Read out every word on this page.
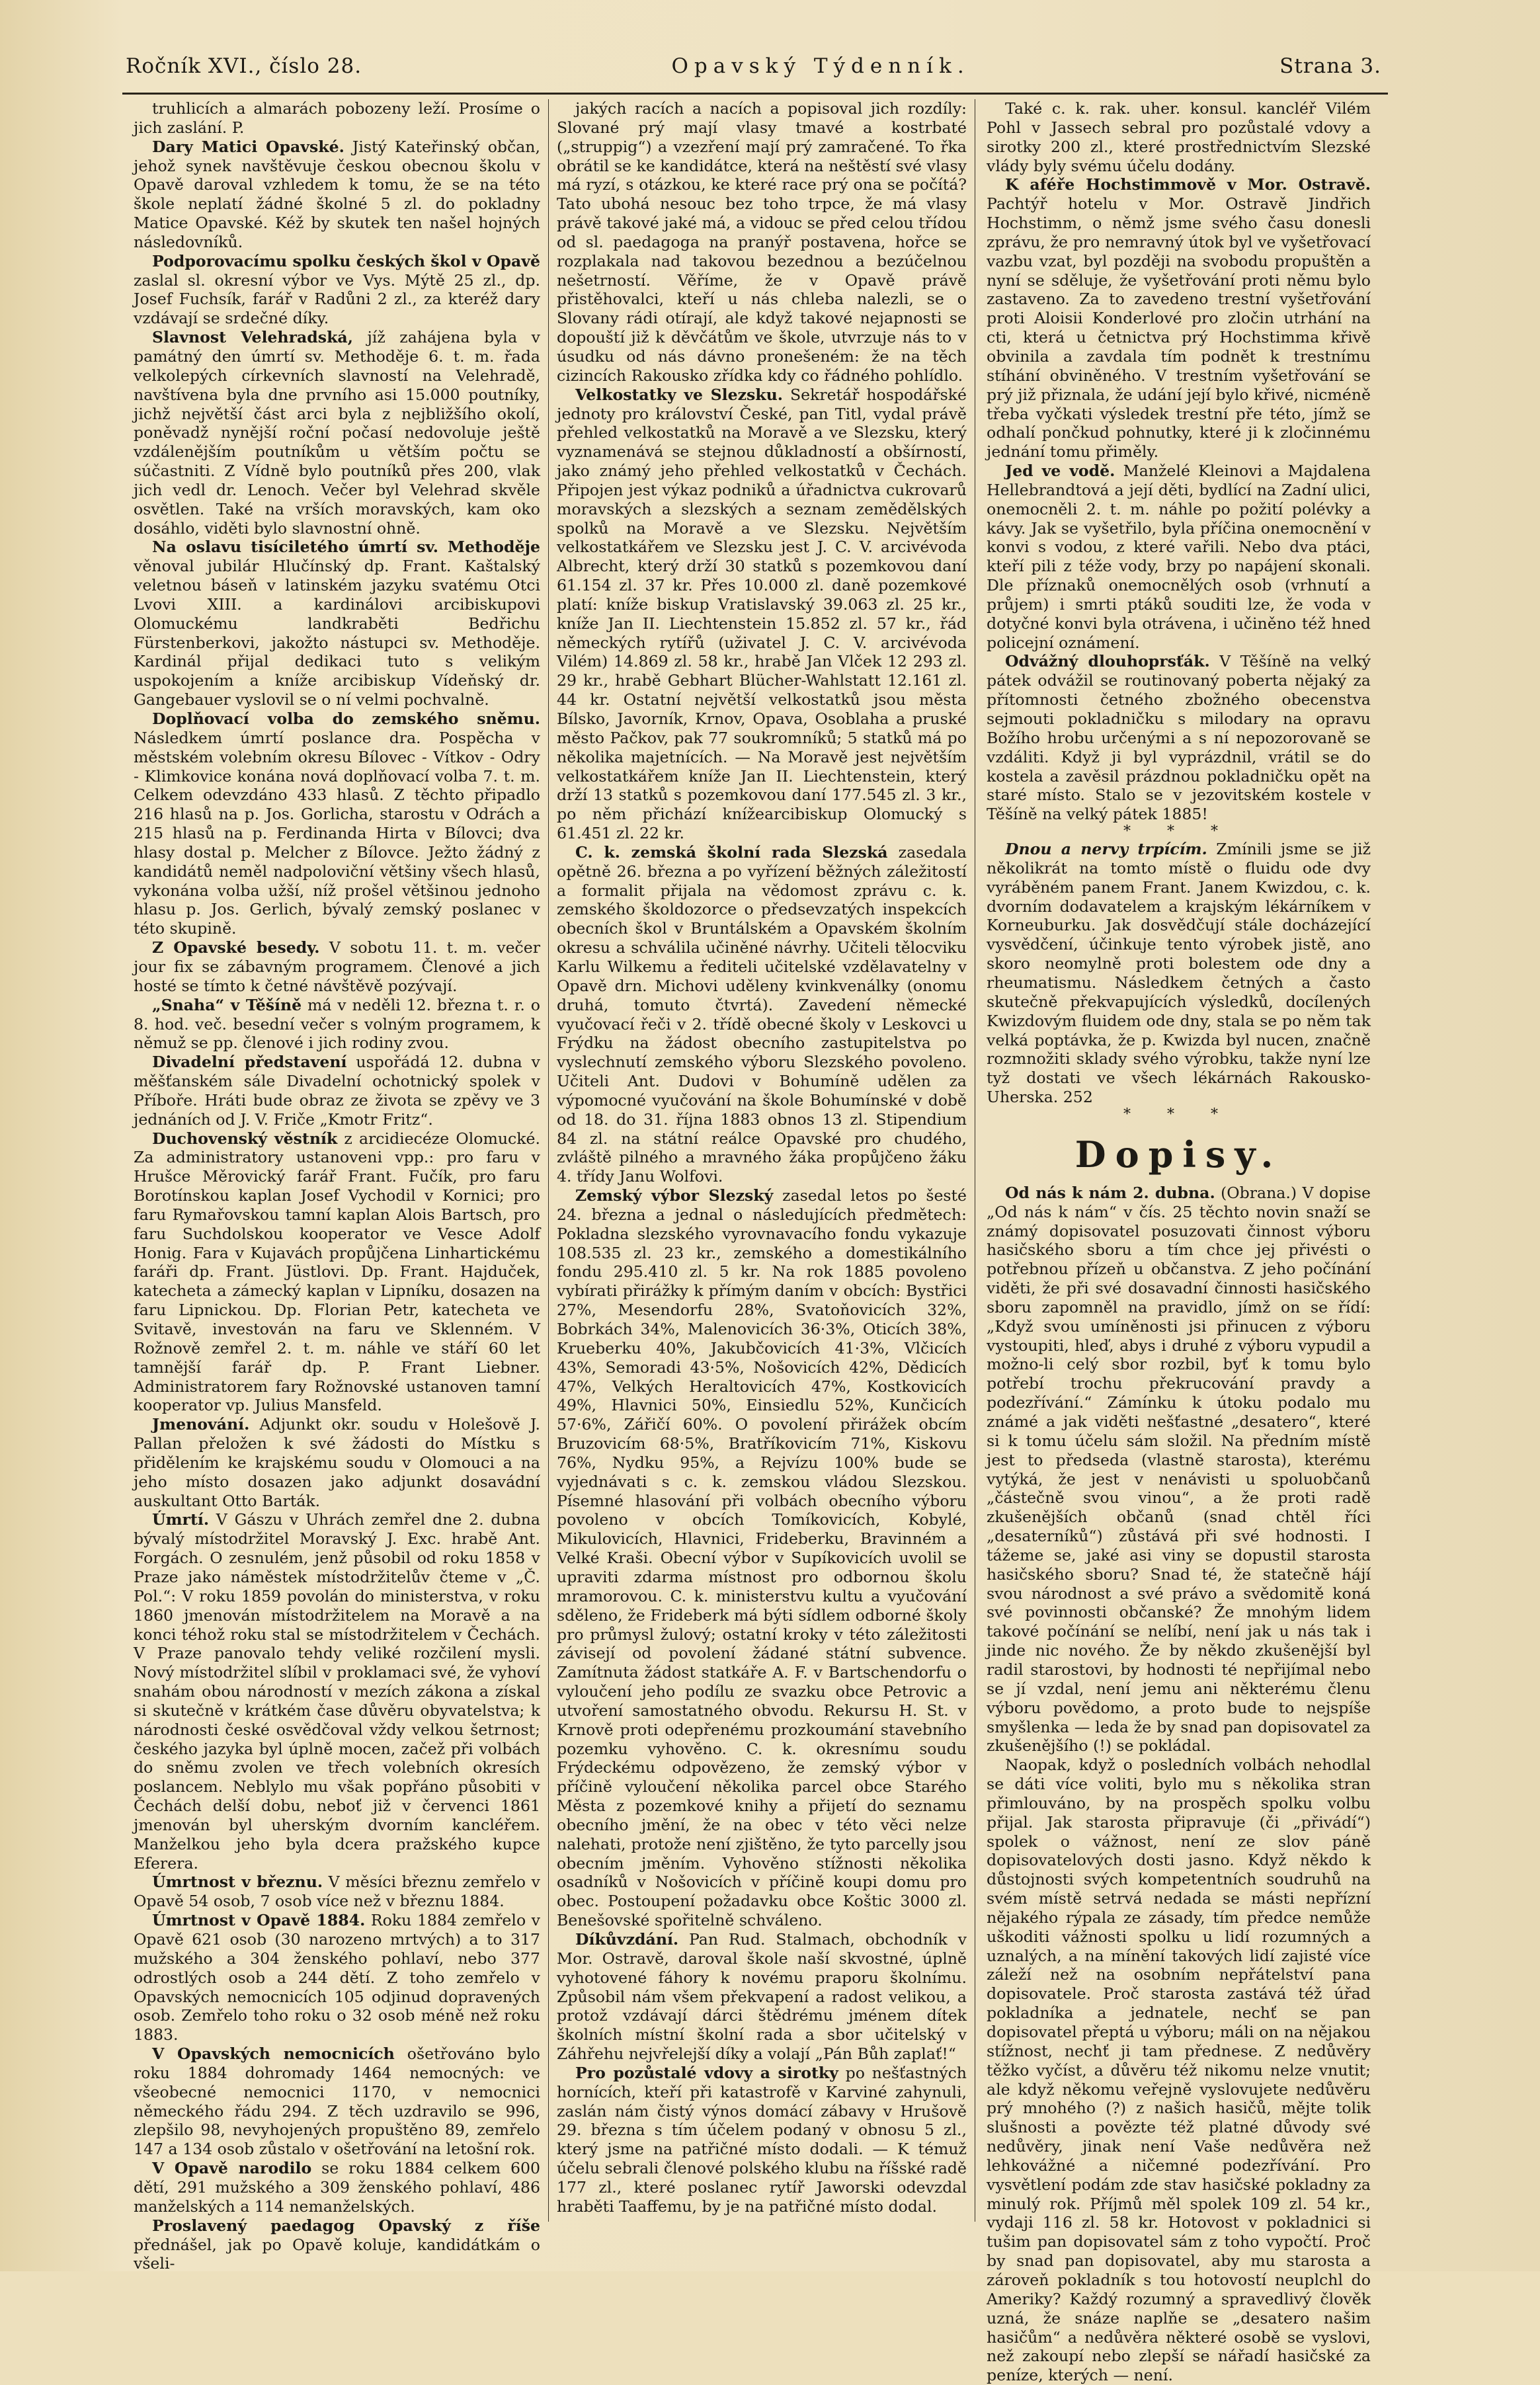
Ročník XVI., číslo 28.	Opavský Týdenník.	Strana 3.

truhlicích a almarách pobozeny leží. Prosíme o jich zaslání. P.

Dary Matici Opavské. Jistý Kateřinský občan, jehož synek navštěvuje českou obecnou školu v Opavě daroval vzhledem k tomu, že se na této škole neplatí žádné školné 5 zl. do pokladny Matice Opavské. Kéž by skutek ten našel hojných následovníků.

Podporovacímu spolku českých škol v Opavě zaslal sl. okresní výbor ve Vys. Mýtě 25 zl., dp. Josef Fuchsík, farář v Radůni 2 zl., za kteréž dary vzdávají se srdečné díky.

Slavnost Velehradská, jíž zahájena byla v památný den úmrtí sv. Methoděje 6. t. m. řada velkolepých církevních slavností na Velehradě, navštívena byla dne prvního asi 15.000 poutníky, jichž největší část arci byla z nejbližšího okolí, poněvadž nynější roční počasí nedovoluje ještě vzdálenějším poutníkům u větším počtu se súčastniti. Z Vídně bylo poutníků přes 200, vlak jich vedl dr. Lenoch. Večer byl Velehrad skvěle osvětlen. Také na vrších moravských, kam oko dosáhlo, viděti bylo slavnostní ohně.

Na oslavu tisíciletého úmrtí sv. Methoděje věnoval jubilár Hlučínský dp. Frant. Kaštalský veletnou báseň v latinském jazyku svatému Otci Lvovi XIII. a kardinálovi arcibiskupovi Olomuckému landkraběti Bedřichu Fürstenberkovi, jakožto nástupci sv. Methoděje. Kardinál přijal dedikaci tuto s velikým uspokojením a kníže arcibiskup Vídeňský dr. Gangebauer vyslovil se o ní velmi pochvalně.

Doplňovací volba do zemského sněmu. Následkem úmrtí poslance drа. Pospěcha v městském volebním okresu Bílovec - Vítkov - Odry - Klimkovice konána nová doplňovací volba 7. t. m. Celkem odevzdáno 433 hlasů. Z těchto připadlo 216 hlasů na p. Jos. Gorlicha, starostu v Odrách a 215 hlasů na p. Ferdinanda Hirta v Bílovci; dva hlasy dostal p. Melcher z Bílovce. Ježto žádný z kandidátů neměl nadpoloviční většiny všech hlasů, vykonána volba užší, níž prošel většinou jednoho hlasu p. Jos. Gerlich, bývalý zemský poslanec v této skupině.

Z Opavské besedy. V sobotu 11. t. m. večer jour fix se zábavným programem. Členové a jich hosté se tímto k četné návštěvě pozývají.

„Snaha“ v Těšíně má v neděli 12. března t. r. o 8. hod. več. besední večer s volným programem, k němuž se pp. členové i jich rodiny zvou.

Divadelní představení uspořádá 12. dubna v měšťanském sále Divadelní ochotnický spolek v Příboře. Hráti bude obraz ze života se zpěvy ve 3 jednáních od J. V. Friče „Kmotr Fritz“.

Duchovenský věstník z arcidiecéze Olomucké. Za administratory ustanoveni vpp.: pro faru v Hrušce Měrovický farář Frant. Fučík, pro faru Borotínskou kaplan Josef Vychodil v Kornici; pro faru Rymařovskou tamní kaplan Alois Bartsch, pro faru Suchdolskou kooperator ve Vesce Adolf Honig. Fara v Kujavách propůjčena Linhartickému faráři dp. Frant. Jüstlovi. Dp. Frant. Hajduček, katecheta a zámecký kaplan v Lipníku, dosazen na faru Lipnickou. Dp. Florian Petr, katecheta ve Svitavě, investován na faru ve Sklenném. V Rožnově zemřel 2. t. m. náhle ve stáří 60 let tamnější farář dp. P. Frant Liebner. Administratorem fary Rožnovské ustanoven tamní kooperator vp. Julius Mansfeld.

Jmenování. Adjunkt okr. soudu v Holešově J. Pallan přeložen k své žádosti do Místku s přidělením ke krajskému soudu v Olomouci a na jeho místo dosazen jako adjunkt dosavádní auskultant Otto Barták.

Úmrtí. V Gászu v Uhrách zemřel dne 2. dubna bývalý místodržitel Moravský J. Exc. hrabě Ant. Forgách. O zesnulém, jenž působil od roku 1858 v Praze jako náměstek místodržitelův čteme v „Č. Pol.“: V roku 1859 povolán do ministerstva, v roku 1860 jmenován místodržitelem na Moravě a na konci téhož roku stal se místodržitelem v Čechách. V Praze panovalo tehdy veliké rozčilení mysli. Nový místodržitel slíbil v proklamaci své, že vyhoví snahám obou národností v mezích zákona a získal si skutečně v krátkém čase důvěru obyvatelstva; k národnosti české osvědčoval vždy velkou šetrnost; českého jazyka byl úplně mocen, začež při volbách do sněmu zvolen ve třech volebních okresích poslancem. Neblylo mu však popřáno působiti v Čechách delší dobu, neboť již v červenci 1861 jmenován byl uherským dvorním kancléřem. Manželkou jeho byla dcera pražského kupce Eferera.

Úmrtnost v březnu. V měsíci březnu zemřelo v Opavě 54 osob, 7 osob více než v březnu 1884.

Úmrtnost v Opavě 1884. Roku 1884 zemřelo v Opavě 621 osob (30 narozeno mrtvých) a to 317 mužského a 304 ženského pohlaví, nebo 377 odrostlých osob a 244 dětí. Z toho zemřelo v Opavských nemocnicích 105 odjinud dopravených osob. Zemřelo toho roku o 32 osob méně než roku 1883.

V Opavských nemocnicích ošetřováno bylo roku 1884 dohromady 1464 nemocných: ve všeobecné nemocnici 1170, v nemocnici německého řádu 294. Z těch uzdravilo se 996, zlepšilo 98, nevyhojených propuštěno 89, zemřelo 147 a 134 osob zůstalo v ošetřování na letošní rok.

V Opavě narodilo se roku 1884 celkem 600 dětí, 291 mužského a 309 ženského pohlaví, 486 manželských a 114 nemanželských.

Proslavený paedagog Opavský z říše přednášel, jak po Opavě koluje, kandidátkám o všeli-

jakých racích a nacích a popisoval jich rozdíly: Slované prý mají vlasy tmavé a kostrbaté („struppig“) a vzezření mají prý zamračené. To řka obrátil se ke kandidátce, která na neštěstí své vlasy má ryzí, s otázkou, ke které race prý ona se počítá? Tato ubohá nesouc bez toho trpce, že má vlasy právě takové jaké má, a vidouc se před celou třídou od sl. paedagoga na pranýř postavena, hořce se rozplakala nad takovou bezednou a bezúčelnou nešetrností. Věříme, že v Opavě právě přistěhovalci, kteří u nás chleba nalezli, se o Slovany rádi otírají, ale když takové nejapnosti se dopouští již k děvčátům ve škole, utvrzuje nás to v úsudku od nás dávno pronešeném: že na těch cizincích Rakousko zřídka kdy co řádného pohlídlo.

Velkostatky ve Slezsku. Sekretář hospodářské jednoty pro království České, pan Titl, vydal právě přehled velkostatků na Moravě a ve Slezsku, který vyznamenává se stejnou důkladností a obšírností, jako známý jeho přehled velkostatků v Čechách. Připojen jest výkaz podniků a úřadnictva cukrovarů moravských a slezských a seznam zemědělských spolků na Moravě a ve Slezsku. Největším velkostatkářem ve Slezsku jest J. C. V. arcivévoda Albrecht, který drží 30 statků s pozemkovou daní 61.154 zl. 37 kr. Přes 10.000 zl. daně pozemkové platí: kníže biskup Vratislavský 39.063 zl. 25 kr., kníže Jan II. Liechtenstein 15.852 zl. 57 kr., řád německých rytířů (uživatel J. C. V. arcivévoda Vilém) 14.869 zl. 58 kr., hrabě Jan Vlček 12 293 zl. 29 kr., hrabě Gebhart Blücher-Wahlstatt 12.161 zl. 44 kr. Ostatní největší velkostatků jsou města Bílsko, Javorník, Krnov, Opava, Osoblaha a pruské město Pačkov, pak 77 soukromníků; 5 statků má po několika majetnících. — Na Moravě jest největším velkostatkářem kníže Jan II. Liechtenstein, který drží 13 statků s pozemkovou daní 177.545 zl. 3 kr., po něm přichází knížearcibiskup Olomucký s 61.451 zl. 22 kr.

C. k. zemská školní rada Slezská zasedala opětně 26. března a po vyřízení běžných záležitostí a formalit přijala na vědomost zprávu c. k. zemského školdozorce o předsevzatých inspekcích obecních škol v Bruntálském a Opavském školním okresu a schválila učiněné návrhy. Učiteli tělocviku Karlu Wilkemu a řediteli učitelské vzdělavatelny v Opavě drn. Michovi uděleny kvinkvenálky (onomu druhá, tomuto čtvrtá). Zavedení německé vyučovací řeči v 2. třídě obecné školy v Leskovci u Frýdku na žádost obecního zastupitelstva po vyslechnutí zemského výboru Slezského povoleno. Učiteli Ant. Dudovi v Bohumíně udělen za výpomocné vyučování na škole Bohumínské v době od 18. do 31. října 1883 obnos 13 zl. Stipendium 84 zl. na státní reálce Opavské pro chudého, zvláště pilného a mravného žáka propůjčeno žáku 4. třídy Janu Wolfovi.

Zemský výbor Slezský zasedal letos po šesté 24. března a jednal o následujících předmětech: Pokladna slezského vyrovnavacího fondu vykazuje 108.535 zl. 23 kr., zemského a domestikálního fondu 295.410 zl. 5 kr. Na rok 1885 povoleno vybírati přirážky k přímým daním v obcích: Bystřici 27%, Mesendorfu 28%, Svatoňovicích 32%, Bobrkách 34%, Malenovicích 36·3%, Oticích 38%, Krueberku 40%, Jakubčovicích 41·3%, Vlčicích 43%, Semoradi 43·5%, Nošovicích 42%, Dědicích 47%, Velkých Heraltovicích 47%, Kostkovicích 49%, Hlavnici 50%, Einsiedlu 52%, Kunčicích 57·6%, Zářičí 60%. O povolení přirážek obcím Bruzovicím 68·5%, Bratříkovicím 71%, Kiskovu 76%, Nydku 95%, a Rejvízu 100% bude se vyjednávati s c. k. zemskou vládou Slezskou. Písemné hlasování při volbách obecního výboru povoleno v obcích Tomíkovicích, Kobylé, Mikulovicích, Hlavnici, Frideberku, Bravinném a Velké Kraši. Obecní výbor v Supíkovicích uvolil se upraviti zdarma místnost pro odbornou školu mramorovou. C. k. ministerstvu kultu a vyučování sděleno, že Frideberk má býti sídlem odborné školy pro průmysl žulový; ostatní kroky v této záležitosti závisejí od povolení žádané státní subvence. Zamítnuta žádost statkáře A. F. v Bartschendorfu o vyloučení jeho podílu ze svazku obce Petrovic a utvoření samostatného obvodu. Rekursu H. St. v Krnově proti odepřenému prozkoumání stavebního pozemku vyhověno. C. k. okresnímu soudu Frýdeckému odpovězeno, že zemský výbor v příčině vyloučení několika parcel obce Starého Města z pozemkové knihy a přijetí do seznamu obecního jmění, že na obec v této věci nelze nalehati, protože není zjištěno, že tyto parcelly jsou obecním jměním. Vyhověno stížnosti několika osadníků v Nošovicích v příčině koupi domu pro obec. Postoupení požadavku obce Koštic 3000 zl. Benešovské spořitelně schváleno.

Díkůvzdání. Pan Rud. Stalmach, obchodník v Mor. Ostravě, daroval škole naší skvostné, úplně vyhotovené fáhory k novému praporu školnímu. Způsobil nám všem překvapení a radost velikou, a protož vzdávají dárci štědrému jménem dítek školních místní školní rada a sbor učitelský v Záhřehu nejvřelejší díky a volají „Pán Bůh zaplať!“

Pro pozůstalé vdovy a sirotky po nešťastných hornících, kteří při katastrofě v Karviné zahynuli, zaslán nám čistý výnos domácí zábavy v Hrušově 29. března s tím účelem podaný v obnosu 5 zl., který jsme na patřičné místo dodali. — K témuž účelu sebrali členové polského klubu na říšské radě 177 zl., které poslanec rytíř Jaworski odevzdal hraběti Taaffemu, by je na patřičné místo dodal.

Také c. k. rak. uher. konsul. kancléř Vilém Pohl v Jassech sebral pro pozůstalé vdovy a sirotky 200 zl., které prostřednictvím Slezské vlády byly svému účelu dodány.

K aféře Hochstimmově v Mor. Ostravě. Pachtýř hotelu v Mor. Ostravě Jindřich Hochstimm, o němž jsme svého času donesli zprávu, že pro nemravný útok byl ve vyšetřovací vazbu vzat, byl později na svobodu propuštěn a nyní se sděluje, že vyšetřování proti němu bylo zastaveno. Za to zavedeno trestní vyšetřování proti Aloisii Konderlové pro zločin utrhání na cti, která u četnictva prý Hochstimma křivě obvinila a zavdala tím podnět k trestnímu stíhání obviněného. V trestním vyšetřování se prý již přiznala, že udání její bylo křivé, nicméně třeba vyčkati výsledek trestní pře této, jímž se odhalí pončkud pohnutky, které ji k zločinnému jednání tomu přiměly.

Jed ve vodě. Manželé Kleinovi a Majdalena Hellebrandtová a její děti, bydlící na Zadní ulici, onemocněli 2. t. m. náhle po požití polévky a kávy. Jak se vyšetřilo, byla příčina onemocnění v konvi s vodou, z které vařili. Nebo dva ptáci, kteří pili z téže vody, brzy po napájení skonali. Dle příznaků onemocnělých osob (vrhnutí a průjem) i smrti ptáků souditi lze, že voda v dotyčné konvi byla otrávena, i učiněno též hned policejní oznámení.

Odvážný dlouhoprsťák. V Těšíně na velký pátek odvážil se routinovaný poberta nějaký za přítomnosti četného zbožného obecenstva sejmouti pokladničku s milodary na opravu Božího hrobu určenými a s ní nepozorovaně se vzdáliti. Když ji byl vyprázdnil, vrátil se do kostela a zavěsil prázdnou pokladničku opět na staré místo. Stalo se v jezovitském kostele v Těšíně na velký pátek 1885!

* * *

Dnou a nervy trpícím. Zmínili jsme se již několikrát na tomto místě o fluidu ode dvy vyráběném panem Frant. Janem Kwizdou, c. k. dvorním dodavatelem a krajským lékárníkem v Korneuburku. Jak dosvědčují stále docházející vysvědčení, účinkuje tento výrobek jistě, ano skoro neomylně proti bolestem ode dny a rheumatismu. Následkem četných a často skutečně překvapujících výsledků, docílených Kwizdovým fluidem ode dny, stala se po něm tak velká poptávka, že p. Kwizda byl nucen, značně rozmnožiti sklady svého výrobku, takže nyní lze tyž dostati ve všech lékárnách Rakousko-Uherska. 252

* * *

Dopisy.

Od nás k nám 2. dubna. (Obrana.) V dopise „Od nás k nám“ v čís. 25 těchto novin snaží se známý dopisovatel posuzovati činnost výboru hasičského sboru a tím chce jej přivésti o potřebnou přízeň u občanstva. Z jeho počínání viděti, že při své dosavadní činnosti hasičského sboru zapomněl na pravidlo, jímž on se řídí: „Když svou umíněnosti jsi přinucen z výboru vystoupiti, hleď, abys i druhé z výboru vypudil a možno-li celý sbor rozbil, byť k tomu bylo potřebí trochu překrucování pravdy a podezřívání.“ Zámínku k útoku podalo mu známé a jak viděti nešťastné „desatero“, které si k tomu účelu sám složil. Na předním místě jest to předseda (vlastně starosta), kterému vytýká, že jest v nenávisti u spoluobčanů „částečně svou vinou“, a že proti radě zkušenějších občanů (snad chtěl říci „desaterníků“) zůstává při své hodnosti. I tážeme se, jaké asi viny se dopustil starosta hasičského sboru? Snad té, že statečně hájí svou národnost a své právo a svědomitě koná své povinnosti občanské? Že mnohým lidem takové počínání se nelíbí, není jak u nás tak i jinde nic nového. Že by někdo zkušenější byl radil starostovi, by hodnosti té nepřijímal nebo se jí vzdal, není jemu ani některému členu výboru povědomo, a proto bude to nejspíše smyšlenka — leda že by snad pan dopisovatel za zkušenějšího (!) se pokládal.

Naopak, když o posledních volbách nehodlal se dáti více voliti, bylo mu s několika stran přimlouváno, by na prospěch spolku volbu přijal. Jak starosta připravuje (či „přivádí“) spolek o vážnost, není ze slov páně dopisovatelových dosti jasno. Když někdo k důstojnosti svých kompetentních soudruhů na svém místě setrvá nedada se másti nepřízní nějakého rýpala ze zásady, tím předce nemůže uškoditi vážnosti spolku u lidí rozumných a uznalých, a na mínění takových lidí zajisté více záleží než na osobním nepřátelství pana dopisovatele. Proč starosta zastává též úřad pokladníka a jednatele, nechť se pan dopisovatel přeptá u výboru; máli on na nějakou stížnost, nechť ji tam přednese. Z nedůvěry těžko vyčíst, a důvěru též nikomu nelze vnutit; ale když někomu veřejně vyslovujete nedůvěru prý mnohého (?) z našich hasičů, mějte tolik slušnosti a povězte též platné důvody své nedůvěry, jinak není Vaše nedůvěra než lehkovážné a ničemné podezřívání. Pro vysvětlení podám zde stav hasičské pokladny za minulý rok. Příjmů měl spolek 109 zl. 54 kr., vydaji 116 zl. 58 kr. Hotovost v pokladnici si tušim pan dopisovatel sám z toho vypočtí. Proč by snad pan dopisovatel, aby mu starosta a zároveň pokladník s tou hotovostí neuplchl do Ameriky? Každý rozumný a spravedlivý člověk uzná, že snáze naplňe se „desatero našim hasičům“ a nedůvěra některé osobě se vyslovi, než zakoupí nebo zlepší se nářadí hasičské za peníze, kterých — není.
